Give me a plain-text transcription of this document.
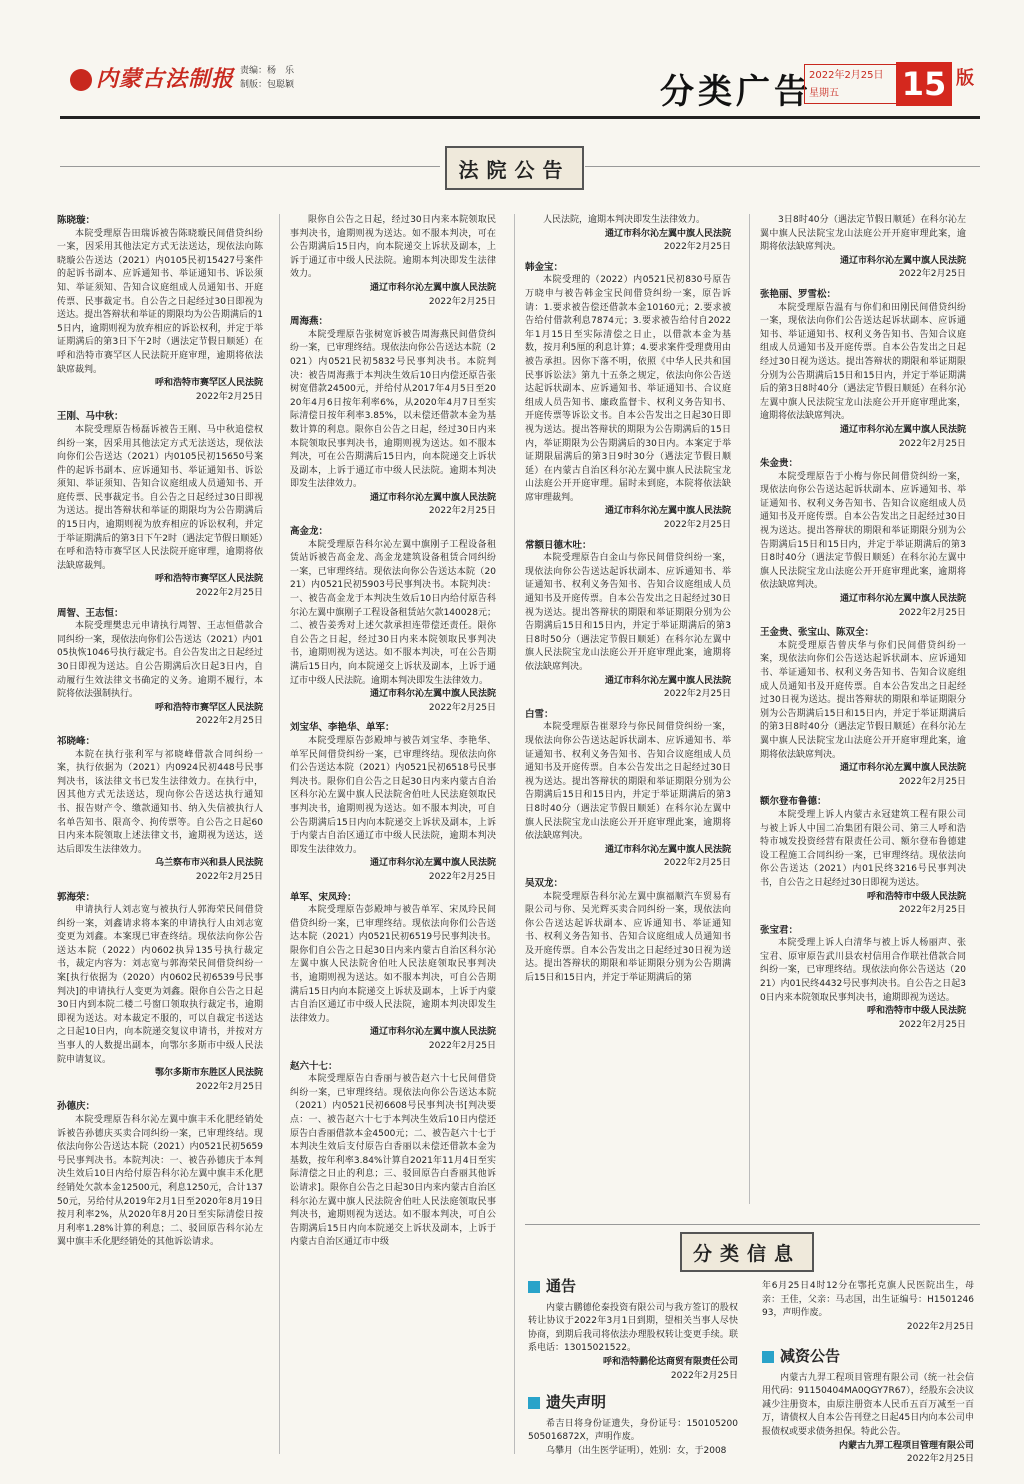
内蒙古法制报 责编：杨　乐
制版：包聪颖	分类广告
2022年2月25日
星期五	15 版
法院公告
陈晓璇：
本院受理原告田瑞诉被告陈晓璇民间借贷纠纷一案，因采用其他法定方式无法送达，现依法向陈晓璇公告送达（2021）内0105民初15427号案件的起诉书副本、应诉通知书、举证通知书、诉讼须知、举证须知、告知合议庭组成人员通知书、开庭传票、民事裁定书。自公告之日起经过30日即视为送达。提出答辩状和举证的期限均为公告期满后的15日内，逾期则视为放弃相应的诉讼权利，并定于举证期满后的第3日下午2时（遇法定节假日顺延）在呼和浩特市赛罕区人民法院开庭审理，逾期将依法缺席裁判。
呼和浩特市赛罕区人民法院
2022年2月25日
王刚、马中秋：
本院受理原告杨磊诉被告王刚、马中秋追偿权纠纷一案，因采用其他法定方式无法送达，现依法向你们公告送达（2021）内0105民初15650号案件的起诉书副本、应诉通知书、举证通知书、诉讼须知、举证须知、告知合议庭组成人员通知书、开庭传票、民事裁定书。自公告之日起经过30日即视为送达。提出答辩状和举证的期限均为公告期满后的15日内，逾期则视为放弃相应的诉讼权利，并定于举证期满后的第3日下午2时（遇法定节假日顺延）在呼和浩特市赛罕区人民法院开庭审理，逾期将依法缺席裁判。
呼和浩特市赛罕区人民法院
2022年2月25日
周智、王志恒：
本院受理樊忠元申请执行周智、王志恒借款合同纠纷一案，现依法向你们公告送达（2021）内0105执恢1046号执行裁定书。自公告发出之日起经过30日即视为送达。自公告期满后次日起3日内，自动履行生效法律文书确定的义务。逾期不履行，本院将依法强制执行。
呼和浩特市赛罕区人民法院
2022年2月25日
祁晓峰：
本院在执行张利军与祁晓峰借款合同纠纷一案，执行依据为（2021）内0924民初448号民事判决书，该法律文书已发生法律效力。在执行中，因其他方式无法送达，现向你公告送达执行通知书、报告财产令、缴款通知书、纳入失信被执行人名单告知书、限高令、拘传票等。自公告之日起60日内来本院领取上述法律文书，逾期视为送达，送达后即发生法律效力。
乌兰察布市兴和县人民法院
2022年2月25日
郭海荣：
申请执行人刘志宽与被执行人郭海荣民间借贷纠纷一案，刘鑫请求将本案的申请执行人由刘志宽变更为刘鑫。本案现已审查终结。现依法向你公告送达本院（2022）内0602执异135号执行裁定书，裁定内容为：刘志宽与郭海荣民间借贷纠纷一案[执行依据为（2020）内0602民初6539号民事判决]的申请执行人变更为刘鑫。限你自公告之日起30日内到本院二楼二号窗口领取执行裁定书，逾期即视为送达。对本裁定不服的，可以自裁定书送达之日起10日内，向本院递交复议申请书，并按对方当事人的人数提出副本，向鄂尔多斯市中级人民法院申请复议。
鄂尔多斯市东胜区人民法院
2022年2月25日
孙德庆：
本院受理原告科尔沁左翼中旗丰禾化肥经销处诉被告孙德庆买卖合同纠纷一案，已审理终结。现依法向你公告送达本院（2021）内0521民初5659号民事判决书。本院判决：一、被告孙德庆于本判决生效后10日内给付原告科尔沁左翼中旗丰禾化肥经销处欠款本金12500元，利息1250元，合计13750元，另给付从2019年2月1日至2020年8月19日按月利率2%，从2020年8月20日至实际清偿日按月利率1.28%计算的利息；二、驳回原告科尔沁左翼中旗丰禾化肥经销处的其他诉讼请求。
限你自公告之日起，经过30日内来本院领取民事判决书，逾期则视为送达。如不服本判决，可在公告期满后15日内，向本院递交上诉状及副本，上诉于通辽市中级人民法院。逾期本判决即发生法律效力。
通辽市科尔沁左翼中旗人民法院
2022年2月25日
周海燕：
本院受理原告张树宽诉被告周海燕民间借贷纠纷一案，已审理终结。现依法向你公告送达本院（2021）内0521民初5832号民事判决书。本院判决：被告周海燕于本判决生效后10日内偿还原告张树宽借款24500元，并给付从2017年4月5日至2020年4月6日按年利率6%，从2020年4月7日至实际清偿日按年利率3.85%，以未偿还借款本金为基数计算的利息。限你自公告之日起，经过30日内来本院领取民事判决书，逾期则视为送达。如不服本判决，可在公告期满后15日内，向本院递交上诉状及副本，上诉于通辽市中级人民法院。逾期本判决即发生法律效力。
通辽市科尔沁左翼中旗人民法院
2022年2月25日
高金龙：
本院受理原告科尔沁左翼中旗刚子工程设备租赁站诉被告高金龙、高金龙建筑设备租赁合同纠纷一案，已审理终结。现依法向你公告送达本院（2021）内0521民初5903号民事判决书。本院判决：一、被告高金龙于本判决生效后10日内给付原告科尔沁左翼中旗刚子工程设备租赁站欠款140028元；二、被告姜秀对上述欠款承担连带偿还责任。限你自公告之日起，经过30日内来本院领取民事判决书，逾期则视为送达。如不服本判决，可在公告期满后15日内，向本院递交上诉状及副本，上诉于通辽市中级人民法院。逾期本判决即发生法律效力。
通辽市科尔沁左翼中旗人民法院
2022年2月25日
刘宝华、李艳华、单军：
本院受理原告彭殿坤与被告刘宝华、李艳华、单军民间借贷纠纷一案，已审理终结。现依法向你们公告送达本院（2021）内0521民初6518号民事判决书。限你们自公告之日起30日内来内蒙古自治区科尔沁左翼中旗人民法院舍伯吐人民法庭领取民事判决书，逾期则视为送达。如不服本判决，可自公告期满后15日内向本院递交上诉状及副本，上诉于内蒙古自治区通辽市中级人民法院，逾期本判决即发生法律效力。
通辽市科尔沁左翼中旗人民法院
2022年2月25日
单军、宋凤玲：
本院受理原告彭殿坤与被告单军、宋凤玲民间借贷纠纷一案，已审理终结。现依法向你们公告送达本院（2021）内0521民初6519号民事判决书。限你们自公告之日起30日内来内蒙古自治区科尔沁左翼中旗人民法院舍伯吐人民法庭领取民事判决书，逾期则视为送达。如不服本判决，可自公告期满后15日内向本院递交上诉状及副本，上诉于内蒙古自治区通辽市中级人民法院，逾期本判决即发生法律效力。
通辽市科尔沁左翼中旗人民法院
2022年2月25日
赵六十七：
本院受理原告白香丽与被告赵六十七民间借贷纠纷一案，已审理终结。现依法向你公告送达本院（2021）内0521民初6608号民事判决书[判决要点：一、被告赵六十七于本判决生效后10日内偿还原告白香丽借款本金4500元；二、被告赵六十七于本判决生效后支付原告白香丽以未偿还借款本金为基数，按年利率3.84%计算自2021年11月4日至实际清偿之日止的利息；三、驳回原告白香丽其他诉讼请求]。限你自公告之日起30日内来内蒙古自治区科尔沁左翼中旗人民法院舍伯吐人民法庭领取民事判决书，逾期则视为送达。如不服本判决，可自公告期满后15日内向本院递交上诉状及副本，上诉于内蒙古自治区通辽市中级
人民法院，逾期本判决即发生法律效力。
通辽市科尔沁左翼中旗人民法院
2022年2月25日
韩金宝：
本院受理的（2022）内0521民初830号原告万晓申与被告韩金宝民间借贷纠纷一案，原告诉请：1.要求被告偿还借款本金10160元；2.要求被告给付借款利息7874元；3.要求被告给付自2022年1月15日至实际清偿之日止，以借款本金为基数，按月利5厘的利息计算；4.要求案件受理费用由被告承担。因你下落不明，依照《中华人民共和国民事诉讼法》第九十五条之规定，依法向你公告送达起诉状副本、应诉通知书、举证通知书、合议庭组成人员告知书、廉政监督卡、权利义务告知书、开庭传票等诉讼文书。自本公告发出之日起30日即视为送达。提出答辩状的期限为公告期满后的15日内，举证期限为公告期满后的30日内。本案定于举证期限届满后的第3日9时30分（遇法定节假日顺延）在内蒙古自治区科尔沁左翼中旗人民法院宝龙山法庭公开开庭审理。届时未到庭，本院将依法缺席审理裁判。
通辽市科尔沁左翼中旗人民法院
2022年2月25日
常额日德木吐：
本院受理原告白金山与你民间借贷纠纷一案，现依法向你公告送达起诉状副本、应诉通知书、举证通知书、权利义务告知书、告知合议庭组成人员通知书及开庭传票。自本公告发出之日起经过30日视为送达。提出答辩状的期限和举证期限分别为公告期满后15日和15日内，并定于举证期满后的第3日8时50分（遇法定节假日顺延）在科尔沁左翼中旗人民法院宝龙山法庭公开开庭审理此案，逾期将依法缺席判决。
通辽市科尔沁左翼中旗人民法院
2022年2月25日
白雪：
本院受理原告崔翠玲与你民间借贷纠纷一案，现依法向你公告送达起诉状副本、应诉通知书、举证通知书、权利义务告知书、告知合议庭组成人员通知书及开庭传票。自本公告发出之日起经过30日视为送达。提出答辩状的期限和举证期限分别为公告期满后15日和15日内，并定于举证期满后的第3日8时40分（遇法定节假日顺延）在科尔沁左翼中旗人民法院宝龙山法庭公开开庭审理此案，逾期将依法缺席判决。
通辽市科尔沁左翼中旗人民法院
2022年2月25日
吴双龙：
本院受理原告科尔沁左翼中旗福顺汽车贸易有限公司与你、吴光辉买卖合同纠纷一案，现依法向你公告送达起诉状副本、应诉通知书、举证通知书、权利义务告知书、告知合议庭组成人员通知书及开庭传票。自本公告发出之日起经过30日视为送达。提出答辩状的期限和举证期限分别为公告期满后15日和15日内，并定于举证期满后的第
3日8时40分（遇法定节假日顺延）在科尔沁左翼中旗人民法院宝龙山法庭公开开庭审理此案，逾期将依法缺席判决。
通辽市科尔沁左翼中旗人民法院
2022年2月25日
张艳丽、罗雪松：
本院受理原告温有与你们和田刚民间借贷纠纷一案，现依法向你们公告送达起诉状副本、应诉通知书、举证通知书、权利义务告知书、告知合议庭组成人员通知书及开庭传票。自本公告发出之日起经过30日视为送达。提出答辩状的期限和举证期限分别为公告期满后15日和15日内，并定于举证期满后的第3日8时40分（遇法定节假日顺延）在科尔沁左翼中旗人民法院宝龙山法庭公开开庭审理此案，逾期将依法缺席判决。
通辽市科尔沁左翼中旗人民法院
2022年2月25日
朱金贵：
本院受理原告于小梅与你民间借贷纠纷一案，现依法向你公告送达起诉状副本、应诉通知书、举证通知书、权利义务告知书、告知合议庭组成人员通知书及开庭传票。自本公告发出之日起经过30日视为送达。提出答辩状的期限和举证期限分别为公告期满后15日和15日内，并定于举证期满后的第3日8时40分（遇法定节假日顺延）在科尔沁左翼中旗人民法院宝龙山法庭公开开庭审理此案，逾期将依法缺席判决。
通辽市科尔沁左翼中旗人民法院
2022年2月25日
王金贵、张宝山、陈双全：
本院受理原告曾庆华与你们民间借贷纠纷一案，现依法向你们公告送达起诉状副本、应诉通知书、举证通知书、权利义务告知书、告知合议庭组成人员通知书及开庭传票。自本公告发出之日起经过30日视为送达。提出答辩状的期限和举证期限分别为公告期满后15日和15日内，并定于举证期满后的第3日8时40分（遇法定节假日顺延）在科尔沁左翼中旗人民法院宝龙山法庭公开开庭审理此案，逾期将依法缺席判决。
通辽市科尔沁左翼中旗人民法院
2022年2月25日
额尔登布鲁德：
本院受理上诉人内蒙古永冠建筑工程有限公司与被上诉人中国二冶集团有限公司、第三人呼和浩特市城发投资经营有限责任公司、额尔登布鲁德建设工程施工合同纠纷一案，已审理终结。现依法向你公告送达（2021）内01民终3216号民事判决书，自公告之日起经过30日即视为送达。
呼和浩特市中级人民法院
2022年2月25日
张宝君：
本院受理上诉人白清华与被上诉人杨丽声、张宝君、原审原告武川县农村信用合作联社借款合同纠纷一案，已审理终结。现依法向你公告送达（2021）内01民终4432号民事判决书。自公告之日起30日内来本院领取民事判决书，逾期即视为送达。
呼和浩特市中级人民法院
2022年2月25日
分类信息
通告
内蒙古鹏德伦泰投资有限公司与我方签订的股权转让协议于2022年3月1日到期，望相关当事人尽快协商，到期后我司将依法办理股权转让变更手续。联系电话：13015021522。
呼和浩特鹏伦达商贸有限责任公司
2022年2月25日
遗失声明
希吉日将身份证遗失，身份证号：150105200505016872X，声明作废。
乌攀月（出生医学证明），姓别：女，于2008
年6月25日4时12分在鄂托克旗人民医院出生，母亲：王佳，父亲：马志国，出生证编号：H150124693，声明作废。
2022年2月25日
减资公告
内蒙古九羿工程项目管理有限公司（统一社会信用代码：91150404MA0QGY7R67），经股东会决议减少注册资本，由原注册资本人民币五百万减至一百万，请债权人自本公告刊登之日起45日内向本公司申报债权或要求债务担保。特此公告。
内蒙古九羿工程项目管理有限公司
2022年2月25日
